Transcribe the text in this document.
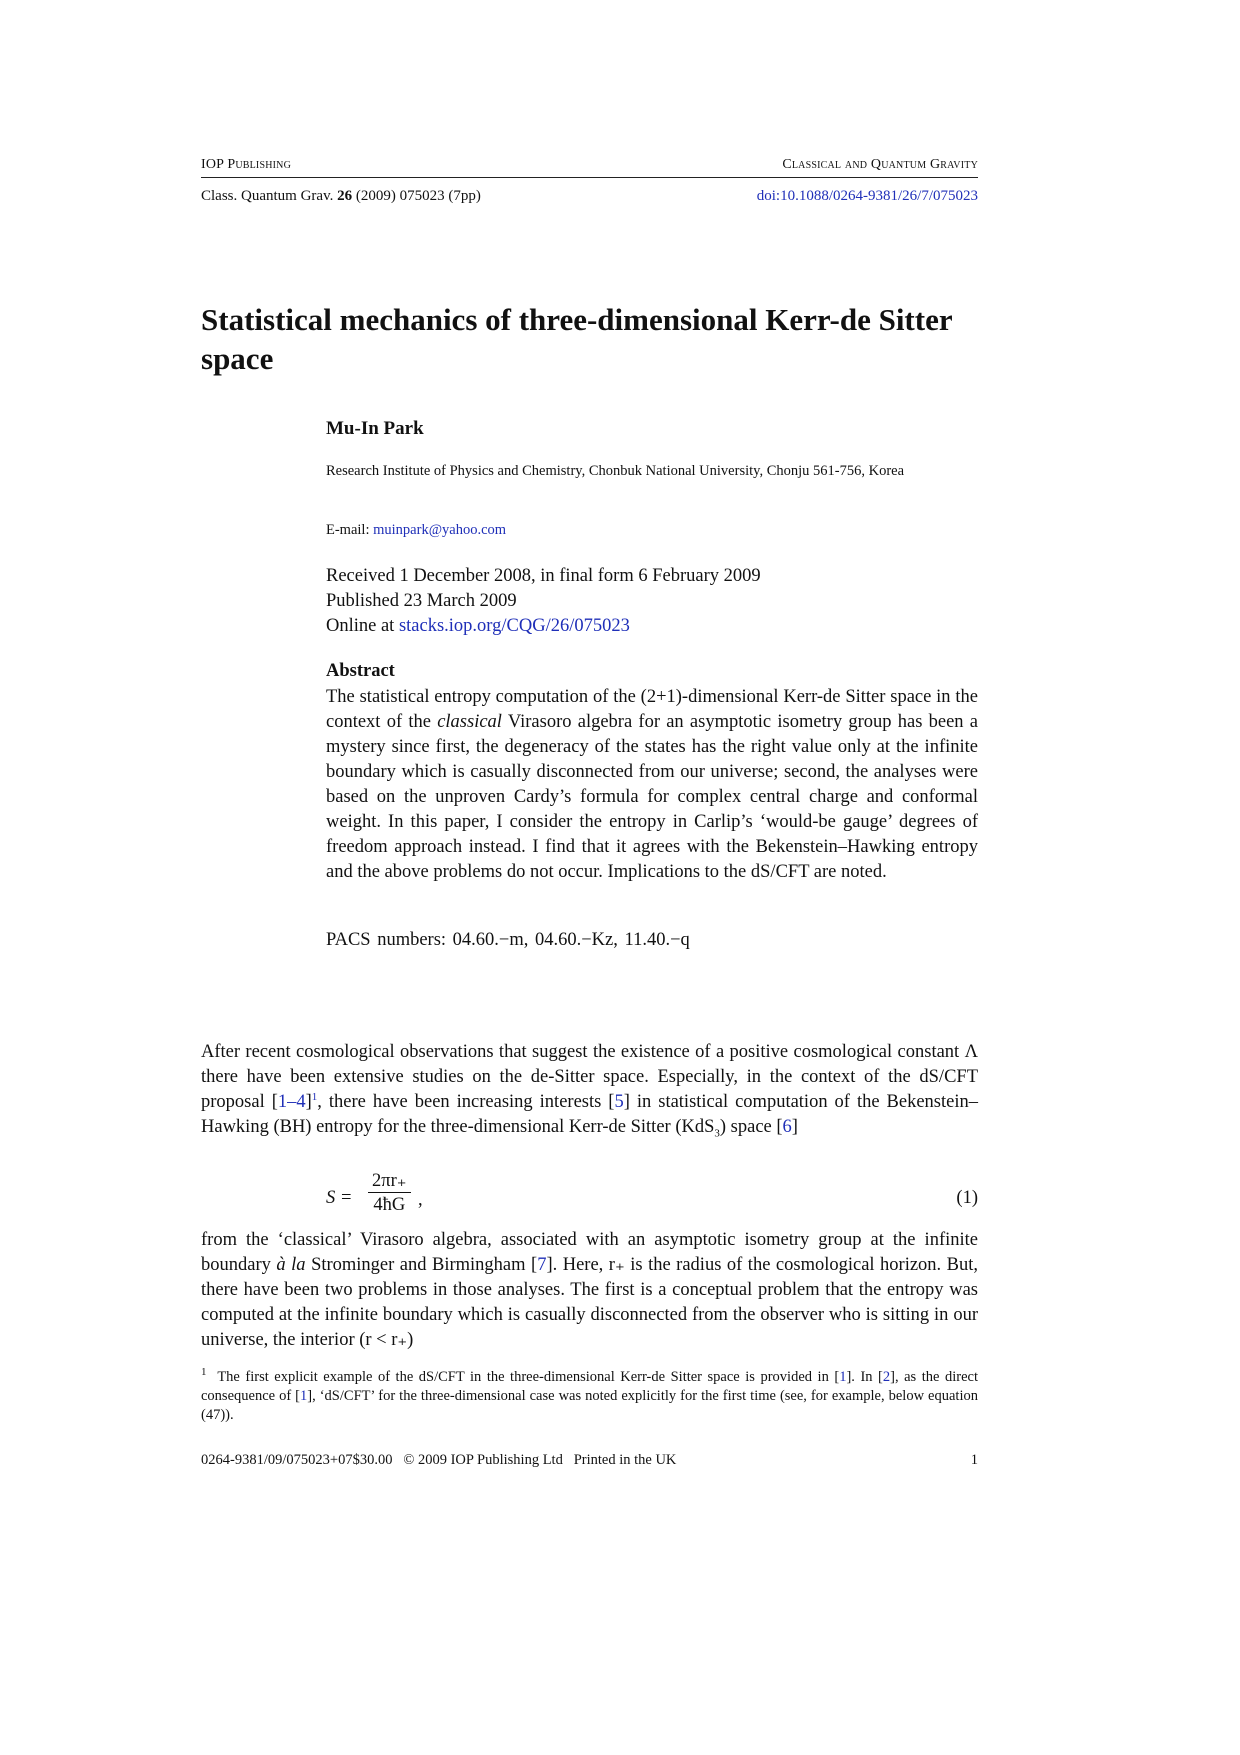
IOP Publishing	Classical and Quantum Gravity
Class. Quantum Grav. 26 (2009) 075023 (7pp)	doi:10.1088/0264-9381/26/7/075023
Statistical mechanics of three-dimensional Kerr-de Sitter space
Mu-In Park
Research Institute of Physics and Chemistry, Chonbuk National University, Chonju 561-756, Korea
E-mail: muinpark@yahoo.com
Received 1 December 2008, in final form 6 February 2009
Published 23 March 2009
Online at stacks.iop.org/CQG/26/075023
Abstract
The statistical entropy computation of the (2+1)-dimensional Kerr-de Sitter space in the context of the classical Virasoro algebra for an asymptotic isometry group has been a mystery since first, the degeneracy of the states has the right value only at the infinite boundary which is casually disconnected from our universe; second, the analyses were based on the unproven Cardy’s formula for complex central charge and conformal weight. In this paper, I consider the entropy in Carlip’s ‘would-be gauge’ degrees of freedom approach instead. I find that it agrees with the Bekenstein–Hawking entropy and the above problems do not occur. Implications to the dS/CFT are noted.
PACS numbers: 04.60.−m, 04.60.−Kz, 11.40.−q
After recent cosmological observations that suggest the existence of a positive cosmological constant Λ there have been extensive studies on the de-Sitter space. Especially, in the context of the dS/CFT proposal $[1-4]^1$, there have been increasing interests [5] in statistical computation of the Bekenstein–Hawking (BH) entropy for the three-dimensional Kerr-de Sitter (KdS$_3$) space [6]
$S = \frac{2\pi r_+}{4ħG}$ ,	(1)
from the ‘classical’ Virasoro algebra, associated with an asymptotic isometry group at the infinite boundary à la Strominger and Birmingham [7]. Here, r₊ is the radius of the cosmological horizon. But, there have been two problems in those analyses. The first is a conceptual problem that the entropy was computed at the infinite boundary which is casually disconnected from the observer who is sitting in our universe, the interior (r < r₊)
$^1$ The first explicit example of the dS/CFT in the three-dimensional Kerr-de Sitter space is provided in [1]. In [2], as the direct consequence of [1], ‘dS/CFT’ for the three-dimensional case was noted explicitly for the first time (see, for example, below equation (47)).
0264-9381/09/075023+07$30.00   © 2009 IOP Publishing Ltd   Printed in the UK	1
